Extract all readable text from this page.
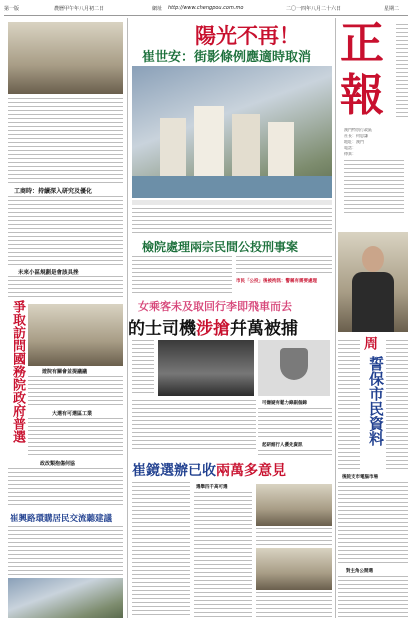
第一版	農曆甲午年八月初二日	網址 http://www.chengpou.com.mo	二〇一四年八月二十六日	星期二
工商時：持續深入研究及優化
未來小區規劃是會該具挫
爭取訪問國務院政府普選	遊院有關會並提議議
大選有可選區工業
政改類抱傷何協
崔興路環購居民交流聽建議
陽光不再！
崔世安：街影條例應適時取消
檢院處理兩宗民間公投刑事案
市民「公投」後被拘訊：警稱有需要處理
女乘客未及取回行李即飛車而去
的士司機涉搶幷萬被捕
可嫌疑有鬆力錄副個錄
起研館行人優先資訊
崔鏡選辦已收兩萬多意見
選舉四千高可選
正報
澳門特別行政區
社長：何思謙
地址：澳門
電話：
傳真：
周
誓保市民資料
後院支市電腦市場
對主角公開選
